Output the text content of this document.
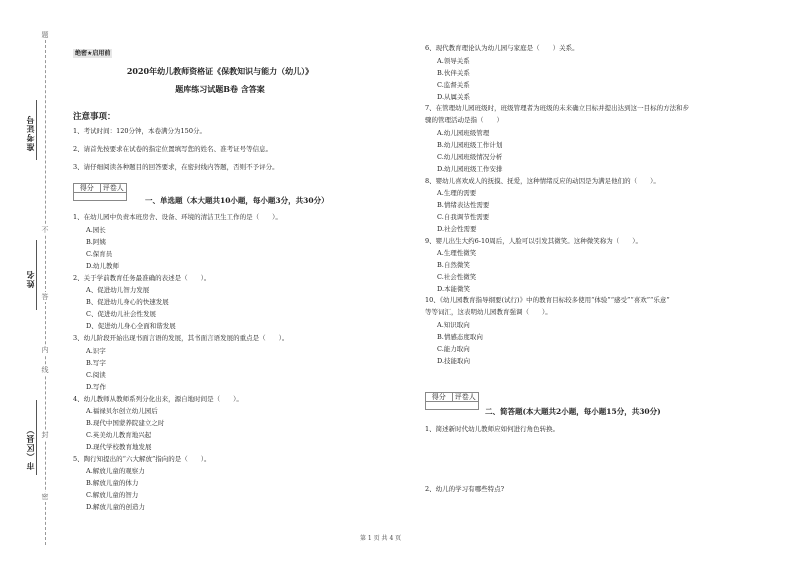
题
不
答
内
线
封
密
准考证号
姓名
市（区县）
绝密★启用前
2020年幼儿教师资格证《保教知识与能力（幼儿）》
题库练习试题B卷 含答案
注意事项：
1、考试时间：120分钟，本卷满分为150分。
2、请首先按要求在试卷的指定位置填写您的姓名、准考证号等信息。
3、请仔细阅读各种题目的回答要求，在密封线内答题，否则不予评分。
得分	评卷人
一、单选题（本大题共10小题，每小题3分，共30分）
1、在幼儿园中负责本班房舍、设备、环境的清洁卫生工作的是（　　）。
A.园长
B.阿姨
C.保育员
D.幼儿教师
2、关于学前教育任务最准确的表述是（　　）。
A、促进幼儿智力发展
B、促进幼儿身心的快速发展
C、促进幼儿社会性发展
D、促进幼儿身心全面和谐发展
3、幼儿阶段开始出现书面言语的发展，其书面言语发展的重点是（　　）。
A.识字
B.写字
C.阅读
D.写作
4、幼儿教师从教师系列分化出来，源自地时间是（　　）。
A.福禄贝尔创立幼儿园后
B.现代中国蒙养院建立之时
C.英美幼儿教育地兴起
D.现代学校教育地发展
5、陶行知提出的“六大解放”指向的是（　　）。
A.解放儿童的观察力
B.解放儿童的体力
C.解放儿童的智力
D.解放儿童的创造力
6、现代教育理论认为幼儿园与家庭是（　　）关系。
A.领导关系
B.伙伴关系
C.监督关系
D.从属关系
7、在管理幼儿园班级时，班级管理者为班级的未来确立目标并提出达到这一目标的方法和步
骤的管理活动是指（　　）
A.幼儿园班级管理
B.幼儿园班级工作计划
C.幼儿园班级情况分析
D.幼儿园班级工作安排
8、婴幼儿喜欢成人的抚摸、抚爱，这种情绪反应的动因是为满足他们的（　　）。
A.生理的需要
B.情绪表达性需要
C.自我调节性需要
D.社会性需要
9、婴儿出生大约6-10周后，人脸可以引发其微笑。这种微笑称为（　　）。
A.生理性微笑
B.自然微笑
C.社会性微笑
D.本能微笑
10、《幼儿园教育指导纲要(试行)》中的教育目标较多使用“体验”“感受”“喜欢”“乐意”
等等词汇，这表明幼儿园教育强调（　　）。
A.知识取向
B.情感态度取向
C.能力取向
D.技能取向
得分	评卷人
二、简答题(本大题共2小题，每小题15分，共30分)
1、简述新时代幼儿教师应如何进行角色转换。
2、幼儿的学习有哪些特点?
第 1 页 共 4 页
